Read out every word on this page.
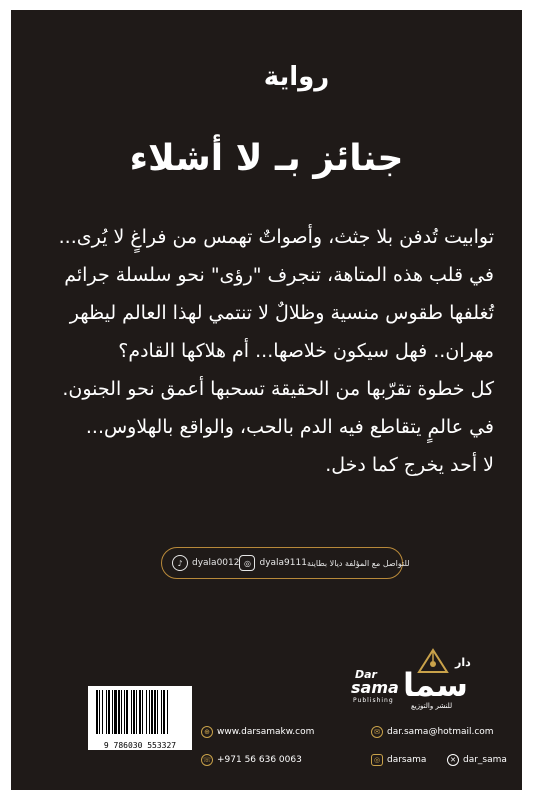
رواية
جنائز بـ لا أشلاء

توابيت تُدفن بلا جثث، وأصواتٌ تهمس من فراغٍ لا يُرى...

في قلب هذه المتاهة، تنجرف "رؤى" نحو سلسلة جرائم تُغلفها طقوس منسية وظلالٌ لا تنتمي لهذا العالم ليظهر مهران.. فهل سيكون خلاصها... أم هلاكها القادم؟

كل خطوة تقرّبها من الحقيقة تسحبها أعمق نحو الجنون.

في عالمٍ يتقاطع فيه الدم بالحب، والواقع بالهلاوس...

لا أحد يخرج كما دخل.

♪	dyala0012 ◎ dyala9111 للتواصل مع المؤلفة ديالا بطاينة
9 786030 553327
Dar
sama
Publishing
دار
سما
للنشر والتوزيع
⊕ www.darsamakw.com	✉ dar.sama@hotmail.com
☏ +971 56 636 0063	◎ darsama	✕ dar_sama
